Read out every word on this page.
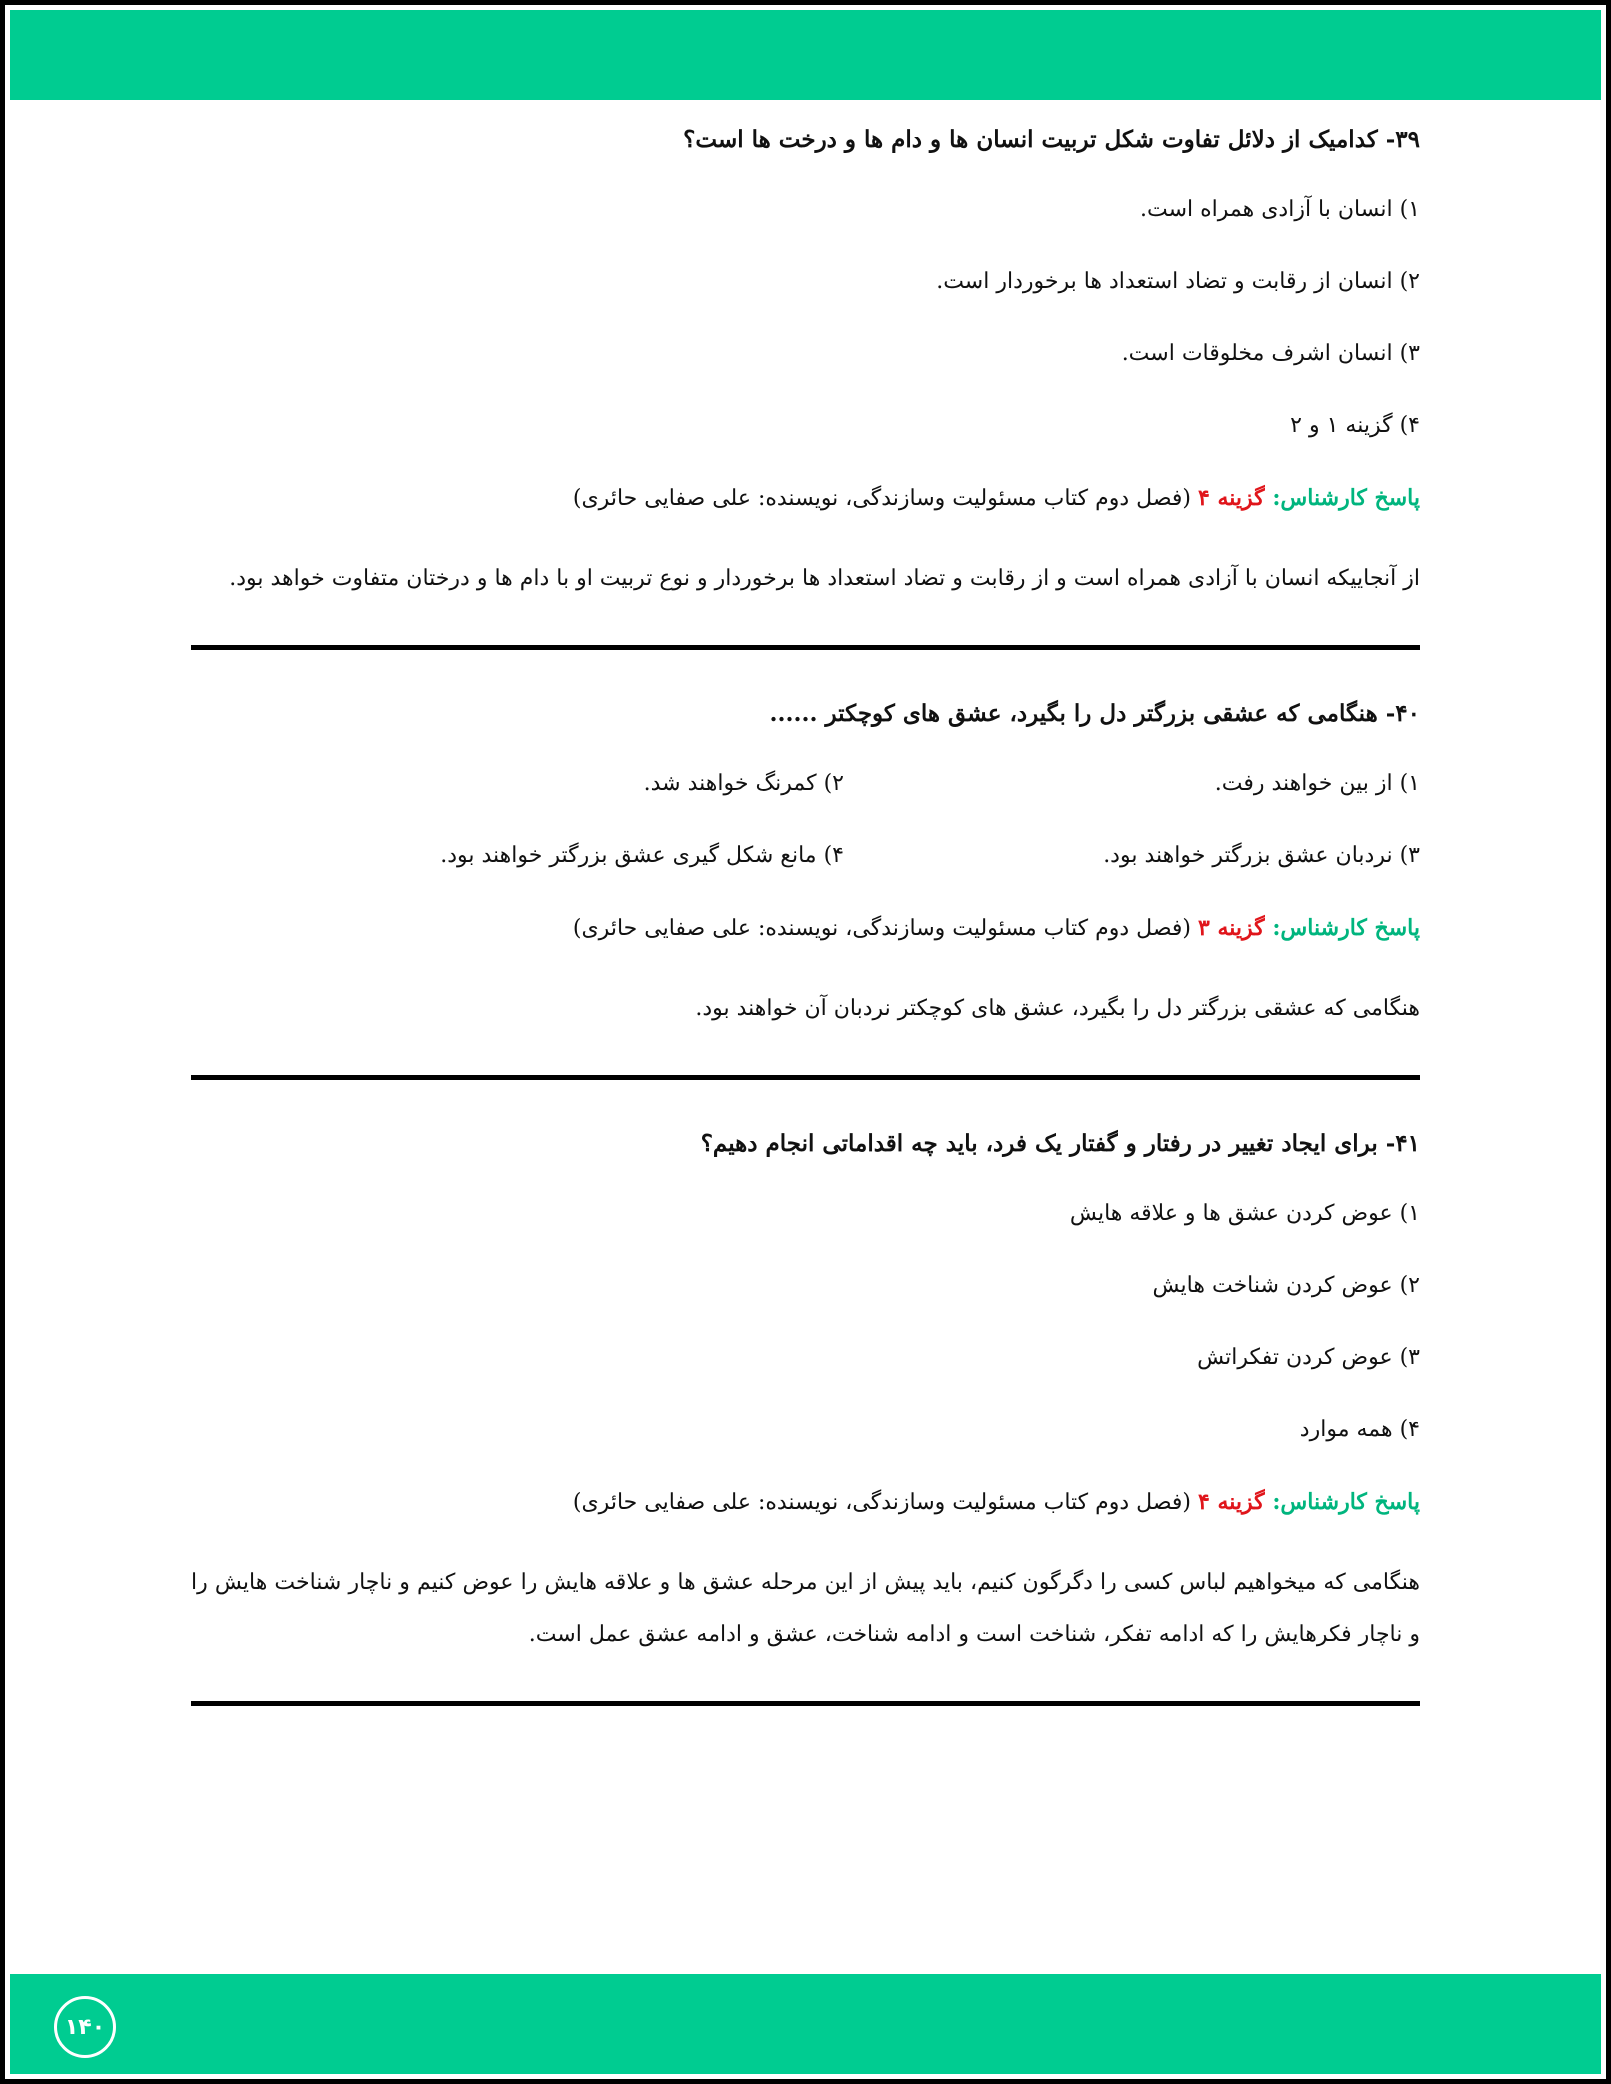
۳۹- کدامیک از دلائل تفاوت شکل تربیت انسان ها و دام ها و درخت ها است؟
۱) انسان با آزادی همراه است.
۲) انسان از رقابت و تضاد استعداد ها برخوردار است.
۳) انسان اشرف مخلوقات است.
۴) گزینه ۱ و ۲
پاسخ کارشناس: گزینه ۴ (فصل دوم کتاب مسئولیت وسازندگی، نویسنده: علی صفایی حائری)

از آنجاییکه انسان با آزادی همراه است و از رقابت و تضاد استعداد ها برخوردار و نوع تربیت او با دام ها و درختان متفاوت خواهد بود.

۴۰- هنگامی که عشقی بزرگتر دل را بگیرد، عشق های کوچکتر ......
۱) از بین خواهند رفت.
۲) کمرنگ خواهند شد.
۳) نردبان عشق بزرگتر خواهند بود.
۴) مانع شکل گیری عشق بزرگتر خواهند بود.
پاسخ کارشناس: گزینه ۳ (فصل دوم کتاب مسئولیت وسازندگی، نویسنده: علی صفایی حائری)

هنگامی که عشقی بزرگتر دل را بگیرد، عشق های کوچکتر نردبان آن خواهند بود.

۴۱- برای ایجاد تغییر در رفتار و گفتار یک فرد، باید چه اقداماتی انجام دهیم؟
۱) عوض کردن عشق ها و علاقه هایش
۲) عوض کردن شناخت هایش
۳) عوض کردن تفکراتش
۴) همه موارد
پاسخ کارشناس: گزینه ۴ (فصل دوم کتاب مسئولیت وسازندگی، نویسنده: علی صفایی حائری)

هنگامی که میخواهیم لباس کسی را دگرگون کنیم، باید پیش از این مرحله عشق ها و علاقه هایش را عوض کنیم و ناچار شناخت هایش را و ناچار فکرهایش را که ادامه تفکر، شناخت است و ادامه شناخت، عشق و ادامه عشق عمل است.

۱۴۰
